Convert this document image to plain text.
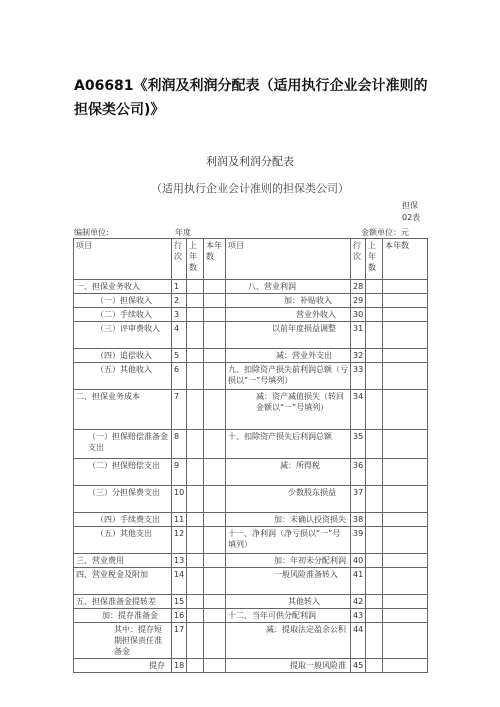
A06681《利润及利润分配表（适用执行企业会计准则的担保类公司)》
利润及利润分配表
（适用执行企业会计准则的担保类公司）
担保02表
编制单位:	年度	金额单位：元
项目	行次	上年数	本年数	项目	行次	上年数	本年数
一、担保业务收入	1			八、营业利润	28		
（一）担保收入	2			加：补贴收入	29		
（二）手续收入	3			营业外收入	30		
（三）评审费收入	4			以前年度损益调整	31		
（四）追偿收入	5			减：营业外支出	32		
（五）其他收入	6			九、扣除资产损失前利润总额（亏损以“一”号填列）	33		
二、担保业务成本	7			减：资产减值损失（转回金额以“一”号填列）	34		
（一）担保赔偿准备金支出	8			十、扣除资产损失后利润总额	35		
（二）担保赔偿支出	9			减：所得税	36		
（三）分担保费支出	10			少数股东损益	37		
（四）手续费支出	11			加：未确认投资损失	38		
（五）其他支出	12			十一、净利润（净亏损以“一”号填列）	39		
三、营业费用	13			加：年初未分配利润	40		
四、营业税金及附加	14			一般风险准备转入	41		
五、担保准备金提转差	15			其他转入	42		
加：提存准备金	16			十二、当年可供分配利润	43		
其中：提存短期担保责任准备金	17			减：提取法定盈余公积	44		
提存	18			提取一般风险准	45		
